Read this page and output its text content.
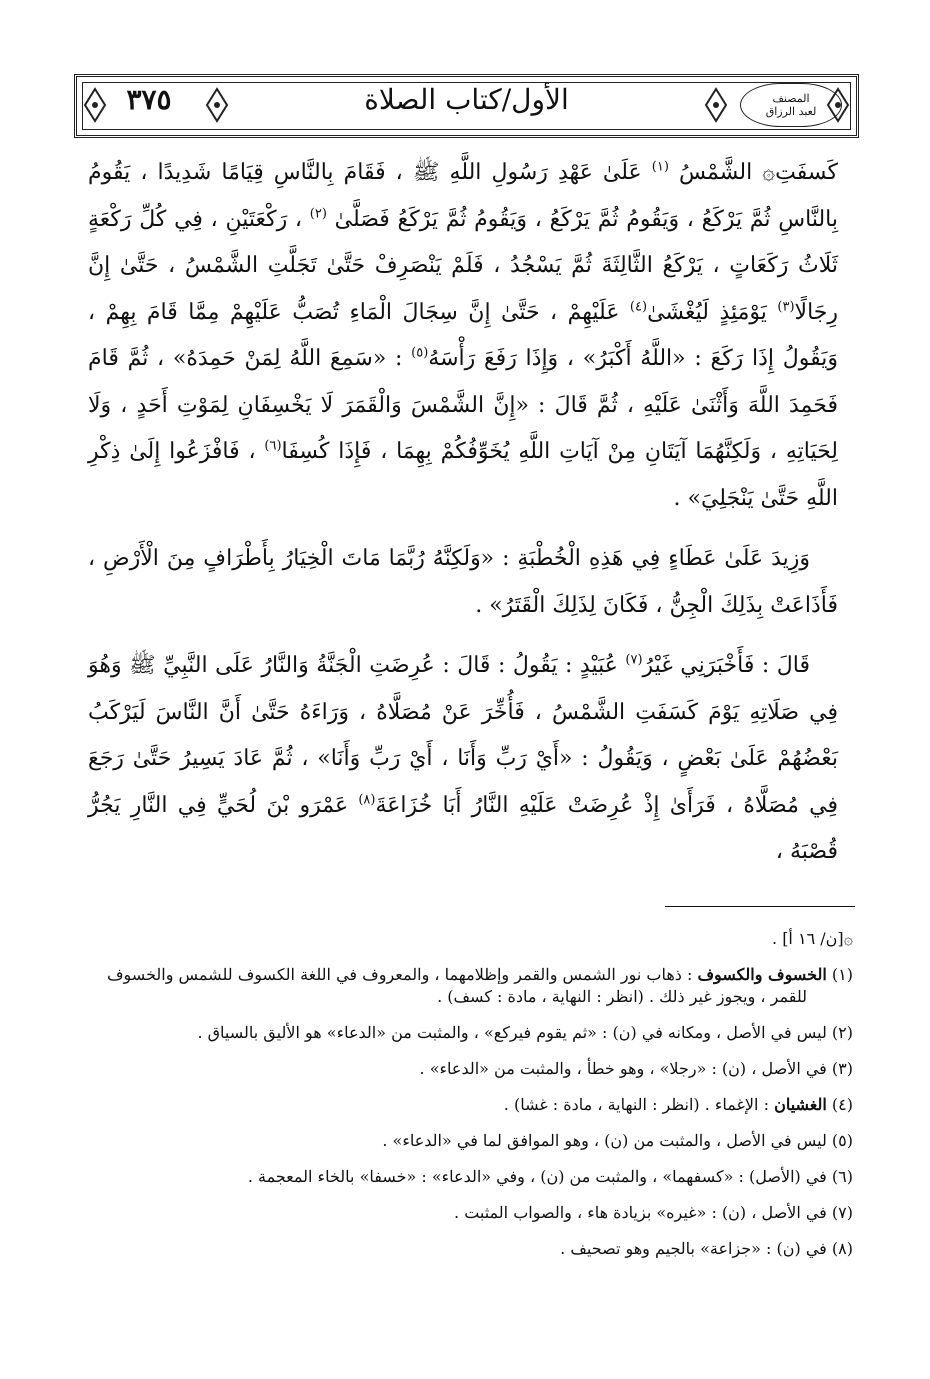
٣٧٥	الأول/كتاب الصلاة	المصنف
لعبد الرزاق

كَسفَتِ۞ الشَّمْسُ $^{(١)}$ عَلَىٰ عَهْدِ رَسُولِ اللَّهِ ﷺ ، فَقَامَ بِالنَّاسِ قِيَامًا شَدِيدًا ، يَقُومُ بِالنَّاسِ ثُمَّ يَرْكَعُ ، وَيَقُومُ ثُمَّ يَرْكَعُ ، وَيَقُومُ ثُمَّ يَرْكَعُ فَصَلَّىٰ $^{(٢)}$ ، رَكْعَتَيْنِ ، فِي كُلِّ رَكْعَةٍ ثَلَاثُ رَكَعَاتٍ ، يَرْكَعُ الثَّالِثَةَ ثُمَّ يَسْجُدُ ، فَلَمْ يَنْصَرِفْ حَتَّىٰ تَجَلَّتِ الشَّمْسُ ، حَتَّىٰ إِنَّ رِجَالًا$^{(٣)}$ يَوْمَئِذٍ لَيُغْشَىٰ$^{(٤)}$ عَلَيْهِمْ ، حَتَّىٰ إِنَّ سِجَالَ الْمَاءِ تُصَبُّ عَلَيْهِمْ مِمَّا قَامَ بِهِمْ ، وَيَقُولُ إِذَا رَكَعَ : «اللَّهُ أَكْبَرُ» ، وَإِذَا رَفَعَ رَأْسَهُ$^{(٥)}$ : «سَمِعَ اللَّهُ لِمَنْ حَمِدَهُ» ، ثُمَّ قَامَ فَحَمِدَ اللَّهَ وَأَثْنَىٰ عَلَيْهِ ، ثُمَّ قَالَ : «إِنَّ الشَّمْسَ وَالْقَمَرَ لَا يَخْسِفَانِ لِمَوْتِ أَحَدٍ ، وَلَا لِحَيَاتِهِ ، وَلَكِنَّهُمَا آيَتَانِ مِنْ آيَاتِ اللَّهِ يُخَوِّفُكُمْ بِهِمَا ، فَإِذَا كُسِفَا$^{(٦)}$ ، فَافْزَعُوا إِلَىٰ ذِكْرِ اللَّهِ حَتَّىٰ يَنْجَلِيَ» .

وَزِيدَ عَلَىٰ عَطَاءٍ فِي هَذِهِ الْخُطْبَةِ : «وَلَكِنَّهُ رُبَّمَا مَاتَ الْخِيَارُ بِأَطْرَافٍ مِنَ الْأَرْضِ ، فَأَذَاعَتْ بِذَلِكَ الْجِنُّ ، فَكَانَ لِذَلِكَ الْقَتَرُ» .

قَالَ : فَأَخْبَرَنِي غَيْرُ$^{(٧)}$ عُبَيْدٍ : يَقُولُ : قَالَ : عُرِضَتِ الْجَنَّةُ وَالنَّارُ عَلَى النَّبِيِّ ﷺ وَهُوَ فِي صَلَاتِهِ يَوْمَ كَسَفَتِ الشَّمْسُ ، فَأُخِّرَ عَنْ مُصَلَّاهُ ، وَرَاءَهُ حَتَّىٰ أَنَّ النَّاسَ لَيَرْكَبُ بَعْضُهُمْ عَلَىٰ بَعْضٍ ، وَيَقُولُ : «أَيْ رَبِّ وَأَنَا ، أَيْ رَبِّ وَأَنَا» ، ثُمَّ عَادَ يَسِيرُ حَتَّىٰ رَجَعَ فِي مُصَلَّاهُ ، فَرَأَىٰ إِذْ عُرِضَتْ عَلَيْهِ النَّارُ أَبَا خُزَاعَةَ$^{(٨)}$ عَمْرَو بْنَ لُحَيٍّ فِي النَّارِ يَجُرُّ قُصْبَهُ ،

۞[ن/ ١٦ أ] .

(١) الخسوف والكسوف : ذهاب نور الشمس والقمر وإظلامهما ، والمعروف في اللغة الكسوف للشمس والخسوف للقمر ، ويجوز غير ذلك . (انظر : النهاية ، مادة : كسف) .

(٢) ليس في الأصل ، ومكانه في (ن) : «ثم يقوم فيركع» ، والمثبت من «الدعاء» هو الأليق بالسياق .

(٣) في الأصل ، (ن) : «رجلا» ، وهو خطأ ، والمثبت من «الدعاء» .

(٤) الغشيان : الإغماء . (انظر : النهاية ، مادة : غشا) .

(٥) ليس في الأصل ، والمثبت من (ن) ، وهو الموافق لما في «الدعاء» .

(٦) في (الأصل) : «كسفهما» ، والمثبت من (ن) ، وفي «الدعاء» : «خسفا» بالخاء المعجمة .

(٧) في الأصل ، (ن) : «غيره» بزيادة هاء ، والصواب المثبت .

(٨) في (ن) : «جزاعة» بالجيم وهو تصحيف .
